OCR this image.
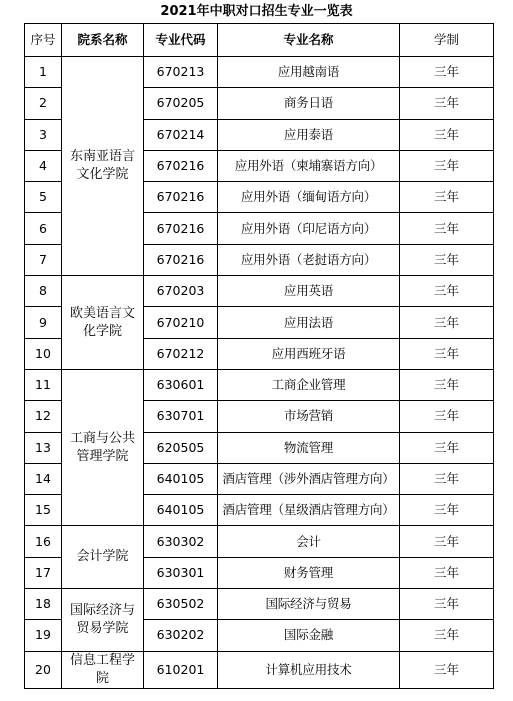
2021年中职对口招生专业一览表
序号	院系名称	专业代码	专业名称	学制
1	东南亚语言文化学院	670213	应用越南语	三年
2		670205	商务日语	三年
3		670214	应用泰语	三年
4		670216	应用外语（柬埔寨语方向）	三年
5		670216	应用外语（缅甸语方向）	三年
6		670216	应用外语（印尼语方向）	三年
7		670216	应用外语（老挝语方向）	三年
8	欧美语言文化学院	670203	应用英语	三年
9		670210	应用法语	三年
10		670212	应用西班牙语	三年
11	工商与公共管理学院	630601	工商企业管理	三年
12		630701	市场营销	三年
13		620505	物流管理	三年
14		640105	酒店管理（涉外酒店管理方向）	三年
15		640105	酒店管理（星级酒店管理方向）	三年
16	会计学院	630302	会计	三年
17		630301	财务管理	三年
18	国际经济与贸易学院	630502	国际经济与贸易	三年
19		630202	国际金融	三年
20	信息工程学院	610201	计算机应用技术	三年
